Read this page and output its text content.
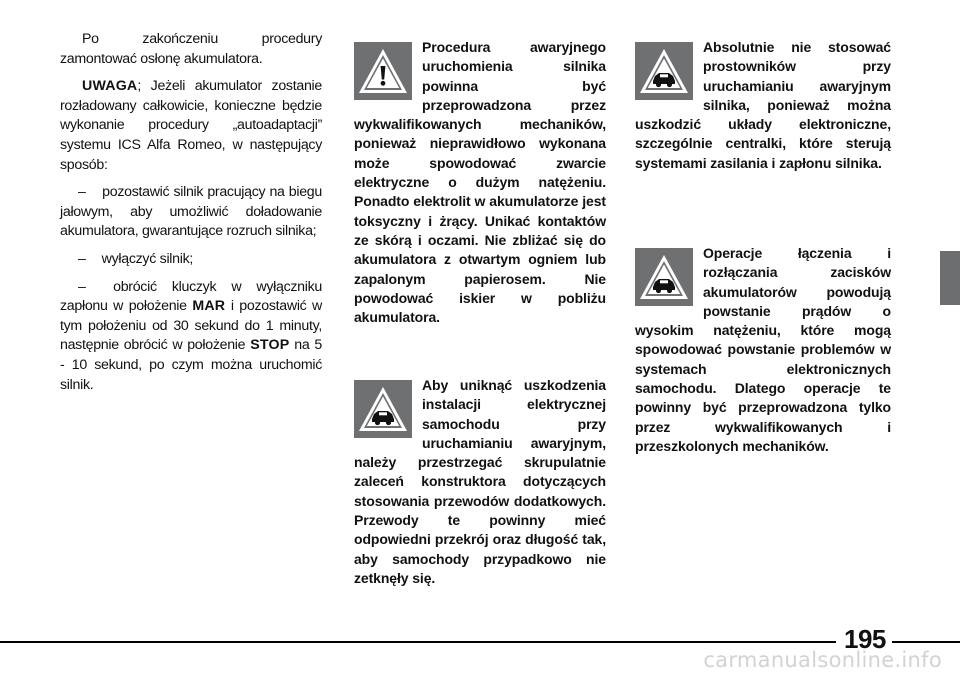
Po zakończeniu procedury zamontować osłonę akumulatora.

UWAGA; Jeżeli akumulator zostanie rozładowany całkowicie, konieczne będzie wykonanie procedury „autoadaptacji” systemu ICS Alfa Romeo, w następujący sposób:

– pozostawić silnik pracujący na biegu jałowym, aby umożliwić doładowanie akumulatora, gwarantujące rozruch silnika;

– wyłączyć silnik;

– obrócić kluczyk w wyłączniku zapłonu w położenie MAR i pozostawić w tym położeniu od 30 sekund do 1 minuty, następnie obrócić w położenie STOP na 5 - 10 sekund, po czym można uruchomić silnik.

Procedura awaryjnego uruchomienia silnika powinna być przeprowadzona przez wykwalifikowanych mechaników, ponieważ nieprawidłowo wykonana może spowodować zwarcie elektryczne o dużym natężeniu. Ponadto elektrolit w akumulatorze jest toksyczny i żrący. Unikać kontaktów ze skórą i oczami. Nie zbliżać się do akumulatora z otwartym ogniem lub zapalonym papierosem. Nie powodować iskier w pobliżu akumulatora.
Aby uniknąć uszkodzenia instalacji elektrycznej samochodu przy uruchamianiu awaryjnym, należy przestrzegać skrupulatnie zaleceń konstruktora dotyczących stosowania przewodów dodatkowych. Przewody te powinny mieć odpowiedni przekrój oraz długość tak, aby samochody przypadkowo nie zetknęły się.
Absolutnie nie stosować prostowników przy uruchamianiu awaryjnym silnika, ponieważ można uszkodzić układy elektroniczne, szczególnie centralki, które sterują systemami zasilania i zapłonu silnika.
Operacje łączenia i rozłączania zacisków akumulatorów powodują powstanie prądów o wysokim natężeniu, które mogą spowodować powstanie problemów w systemach elektronicznych samochodu. Dlatego operacje te powinny być przeprowadzona tylko przez wykwalifikowanych i przeszkolonych mechaników.
195
carmanualsonline.info
